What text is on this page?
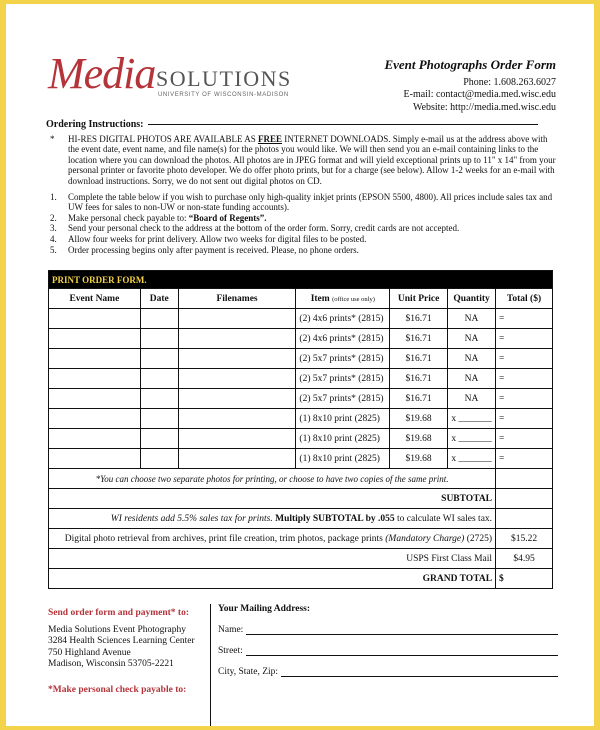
Media SOLUTIONS
UNIVERSITY OF WISCONSIN-MADISON
Event Photographs Order Form
Phone: 1.608.263.6027
E-mail: contact@media.med.wisc.edu
Website: http://media.med.wisc.edu
Ordering Instructions:
*	HI-RES DIGITAL PHOTOS ARE AVAILABLE AS FREE INTERNET DOWNLOADS. Simply e-mail us at the address above with the event date, event name, and file name(s) for the photos you would like. We will then send you an e-mail containing links to the location where you can download the photos. All photos are in JPEG format and will yield exceptional prints up to 11" x 14" from your personal printer or favorite photo developer. We do offer photo prints, but for a charge (see below). Allow 1-2 weeks for an e-mail with download instructions. Sorry, we do not sent out digital photos on CD.
1.	Complete the table below if you wish to purchase only high-quality inkjet prints (EPSON 5500, 4800). All prices include sales tax and UW fees for sales to non-UW or non-state funding accounts).
2.	Make personal check payable to: “Board of Regents”.
3.	Send your personal check to the address at the bottom of the order form. Sorry, credit cards are not accepted.
4.	Allow four weeks for print delivery. Allow two weeks for digital files to be posted.
5.	Order processing begins only after payment is received. Please, no phone orders.
PRINT ORDER FORM.						
Event Name	Date	Filenames	Item (office use only)	Unit Price	Quantity	Total ($)
			(2) 4x6 prints* (2815)	$16.71	NA	=
			(2) 4x6 prints* (2815)	$16.71	NA	=
			(2) 5x7 prints* (2815)	$16.71	NA	=
			(2) 5x7 prints* (2815)	$16.71	NA	=
			(2) 5x7 prints* (2815)	$16.71	NA	=
			(1) 8x10 print (2825)	$19.68	x _______	=
			(1) 8x10 print (2825)	$19.68	x _______	=
			(1) 8x10 print (2825)	$19.68	x _______	=
*You can choose two separate photos for printing, or choose to have two copies of the same print.						
SUBTOTAL						
WI residents add 5.5% sales tax for prints. Multiply SUBTOTAL by .055 to calculate WI sales tax.						
Digital photo retrieval from archives, print file creation, trim photos, package prints (Mandatory Charge) (2725)						$15.22
USPS First Class Mail						$4.95
GRAND TOTAL						$
Send order form and payment* to:
Media Solutions Event Photography
3284 Health Sciences Learning Center
750 Highland Avenue
Madison, Wisconsin 53705-2221
*Make personal check payable to:
Your Mailing Address:
Name:
Street:
City, State, Zip:
